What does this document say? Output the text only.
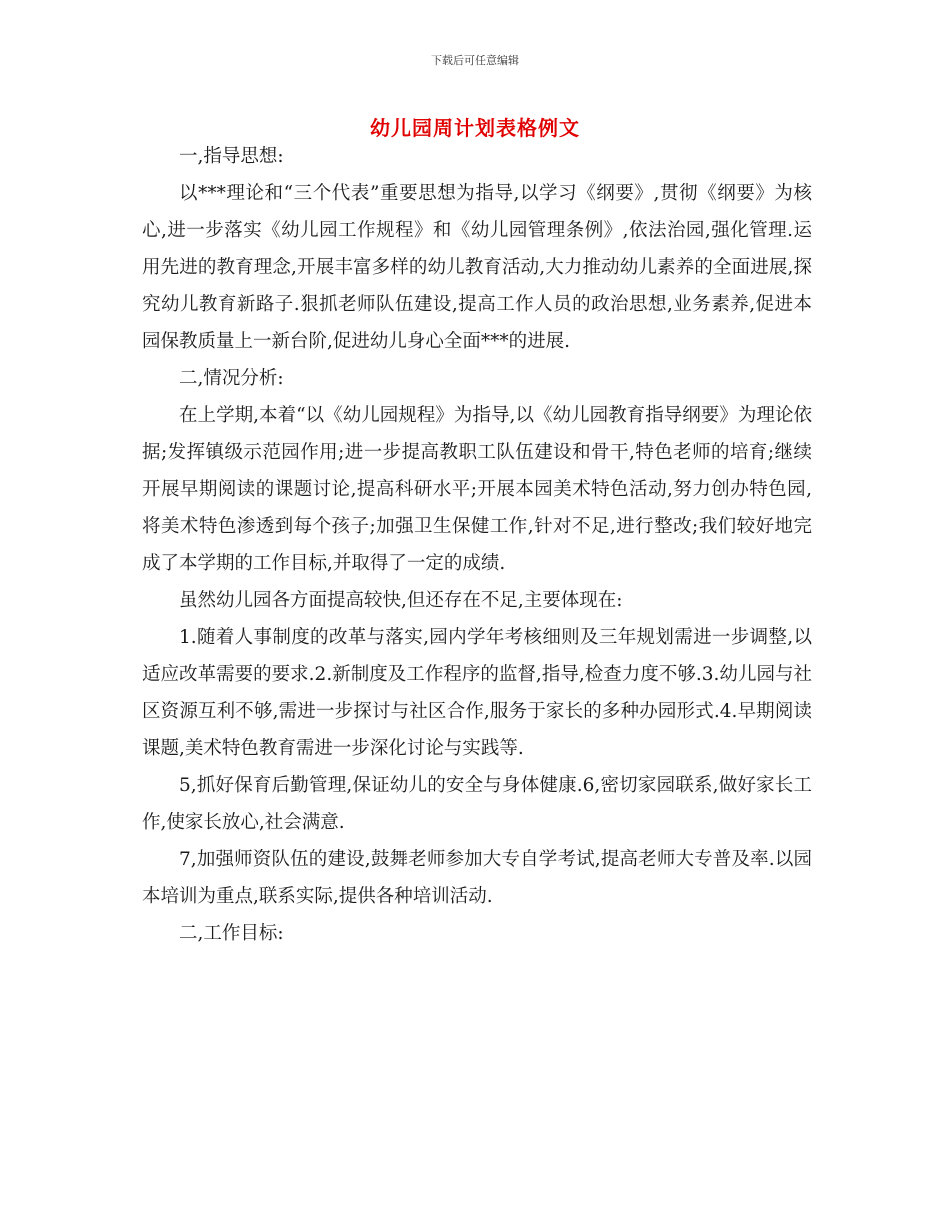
下载后可任意编辑
幼儿园周计划表格例文

一,指导思想:

以***理论和“三个代表”重要思想为指导,以学习《纲要》,贯彻《纲要》为核心,进一步落实《幼儿园工作规程》和《幼儿园管理条例》,依法治园,强化管理.运用先进的教育理念,开展丰富多样的幼儿教育活动,大力推动幼儿素养的全面进展,探究幼儿教育新路子.狠抓老师队伍建设,提高工作人员的政治思想,业务素养,促进本园保教质量上一新台阶,促进幼儿身心全面***的进展.

二,情况分析:

在上学期,本着“以《幼儿园规程》为指导,以《幼儿园教育指导纲要》为理论依据;发挥镇级示范园作用;进一步提高教职工队伍建设和骨干,特色老师的培育;继续开展早期阅读的课题讨论,提高科研水平;开展本园美术特色活动,努力创办特色园,将美术特色渗透到每个孩子;加强卫生保健工作,针对不足,进行整改;我们较好地完成了本学期的工作目标,并取得了一定的成绩.

虽然幼儿园各方面提高较快,但还存在不足,主要体现在:

1.随着人事制度的改革与落实,园内学年考核细则及三年规划需进一步调整,以适应改革需要的要求.2.新制度及工作程序的监督,指导,检查力度不够.3.幼儿园与社区资源互利不够,需进一步探讨与社区合作,服务于家长的多种办园形式.4.早期阅读课题,美术特色教育需进一步深化讨论与实践等.

5,抓好保育后勤管理,保证幼儿的安全与身体健康.6,密切家园联系,做好家长工作,使家长放心,社会满意.

7,加强师资队伍的建设,鼓舞老师参加大专自学考试,提高老师大专普及率.以园本培训为重点,联系实际,提供各种培训活动.

二,工作目标:
